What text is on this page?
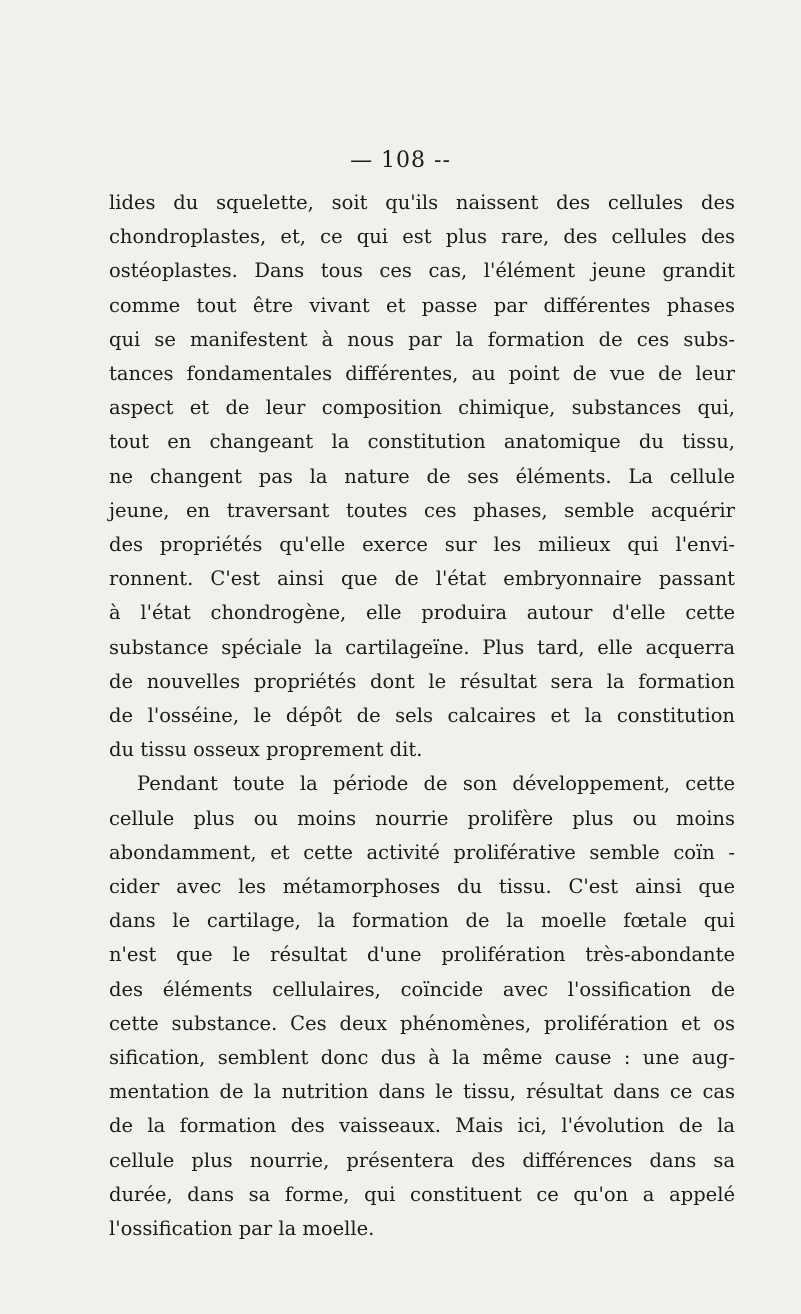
— 108 --
lides du squelette, soit qu'ils naissent des cellules des
chondroplastes, et, ce qui est plus rare, des cellules des
ostéoplastes. Dans tous ces cas, l'élément jeune grandit
comme tout être vivant et passe par différentes phases
qui se manifestent à nous par la formation de ces subs-
tances fondamentales différentes, au point de vue de leur
aspect et de leur composition chimique, substances qui,
tout en changeant la constitution anatomique du tissu,
ne changent pas la nature de ses éléments. La cellule
jeune, en traversant toutes ces phases, semble acquérir
des propriétés qu'elle exerce sur les milieux qui l'envi-
ronnent. C'est ainsi que de l'état embryonnaire passant
à l'état chondrogène, elle produira autour d'elle cette
substance spéciale la cartilageïne. Plus tard, elle acquerra
de nouvelles propriétés dont le résultat sera la formation
de l'osséine, le dépôt de sels calcaires et la constitution
du tissu osseux proprement dit.
Pendant toute la période de son développement, cette
cellule plus ou moins nourrie prolifère plus ou moins
abondamment, et cette activité proliférative semble coïn -
cider avec les métamorphoses du tissu. C'est ainsi que
dans le cartilage, la formation de la moelle fœtale qui
n'est que le résultat d'une prolifération très-abondante
des éléments cellulaires, coïncide avec l'ossification de
cette substance. Ces deux phénomènes, prolifération et os
sification, semblent donc dus à la même cause : une aug-
mentation de la nutrition dans le tissu, résultat dans ce cas
de la formation des vaisseaux. Mais ici, l'évolution de la
cellule plus nourrie, présentera des différences dans sa
durée, dans sa forme, qui constituent ce qu'on a appelé
l'ossification par la moelle.
